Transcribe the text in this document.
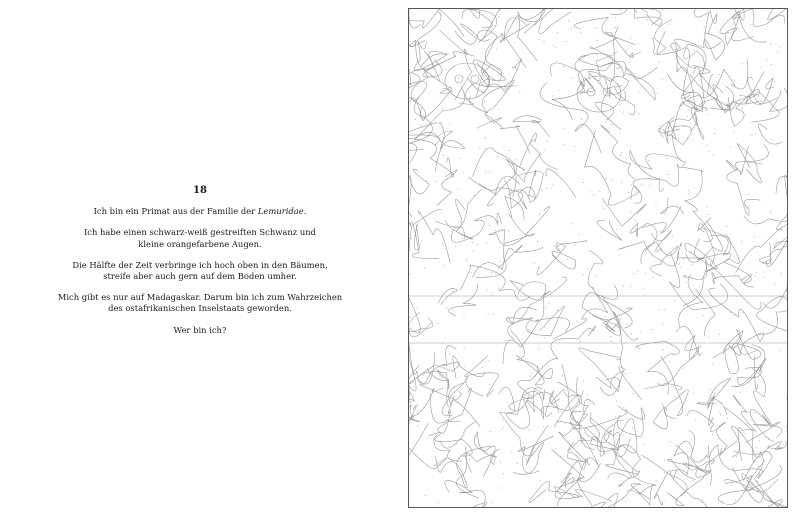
18

Ich bin ein Primat aus der Familie der Lemuridae.

Ich habe einen schwarz-weiß gestreiften Schwanz und
kleine orangefarbene Augen.

Die Hälfte der Zeit verbringe ich hoch oben in den Bäumen,
streife aber auch gern auf dem Boden umher.

Mich gibt es nur auf Madagaskar. Darum bin ich zum Wahrzeichen
des ostafrikanischen Inselstaats geworden.

Wer bin ich?
